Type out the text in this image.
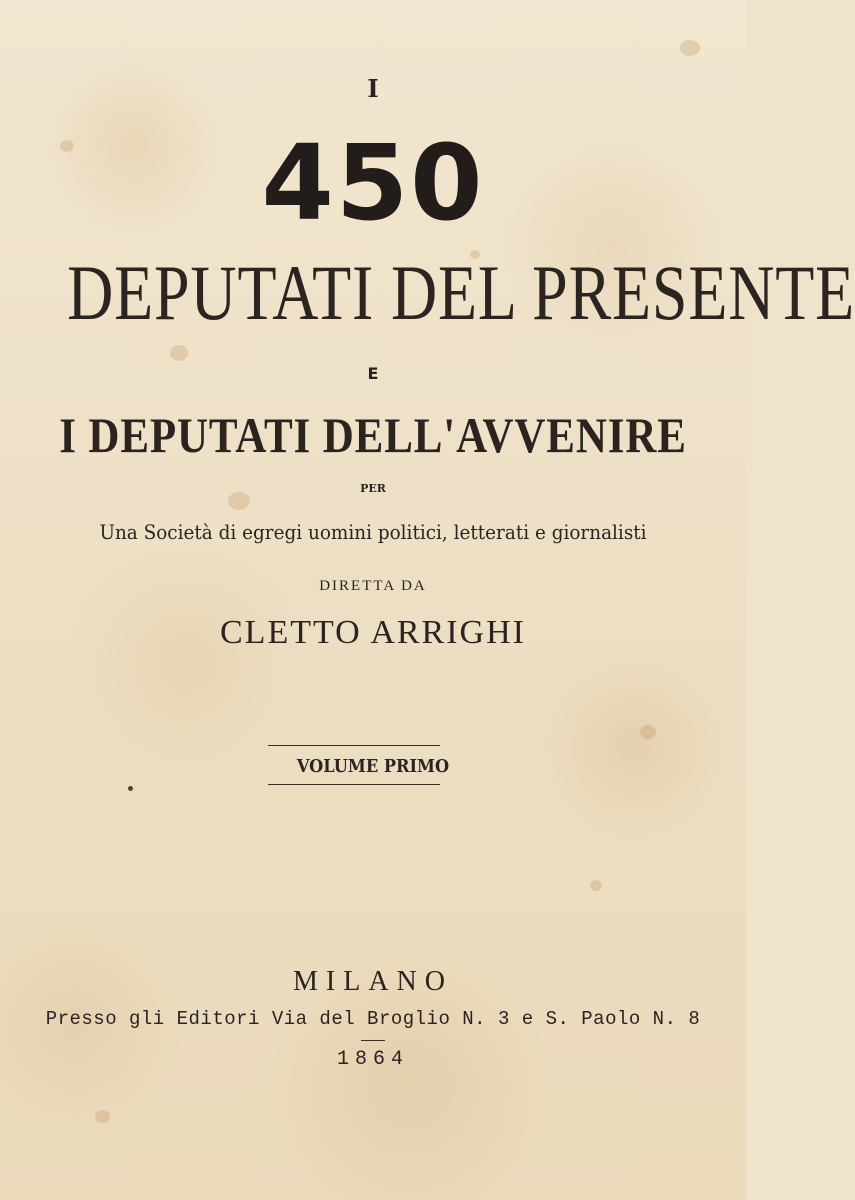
I
450
DEPUTATI DEL PRESENTE
E
I DEPUTATI DELL'AVVENIRE
PER
Una Società di egregi uomini politici, letterati e giornalisti
DIRETTA DA
CLETTO ARRIGHI
VOLUME PRIMO
MILANO
Presso gli Editori Via del Broglio N. 3 e S. Paolo N. 8
1864
